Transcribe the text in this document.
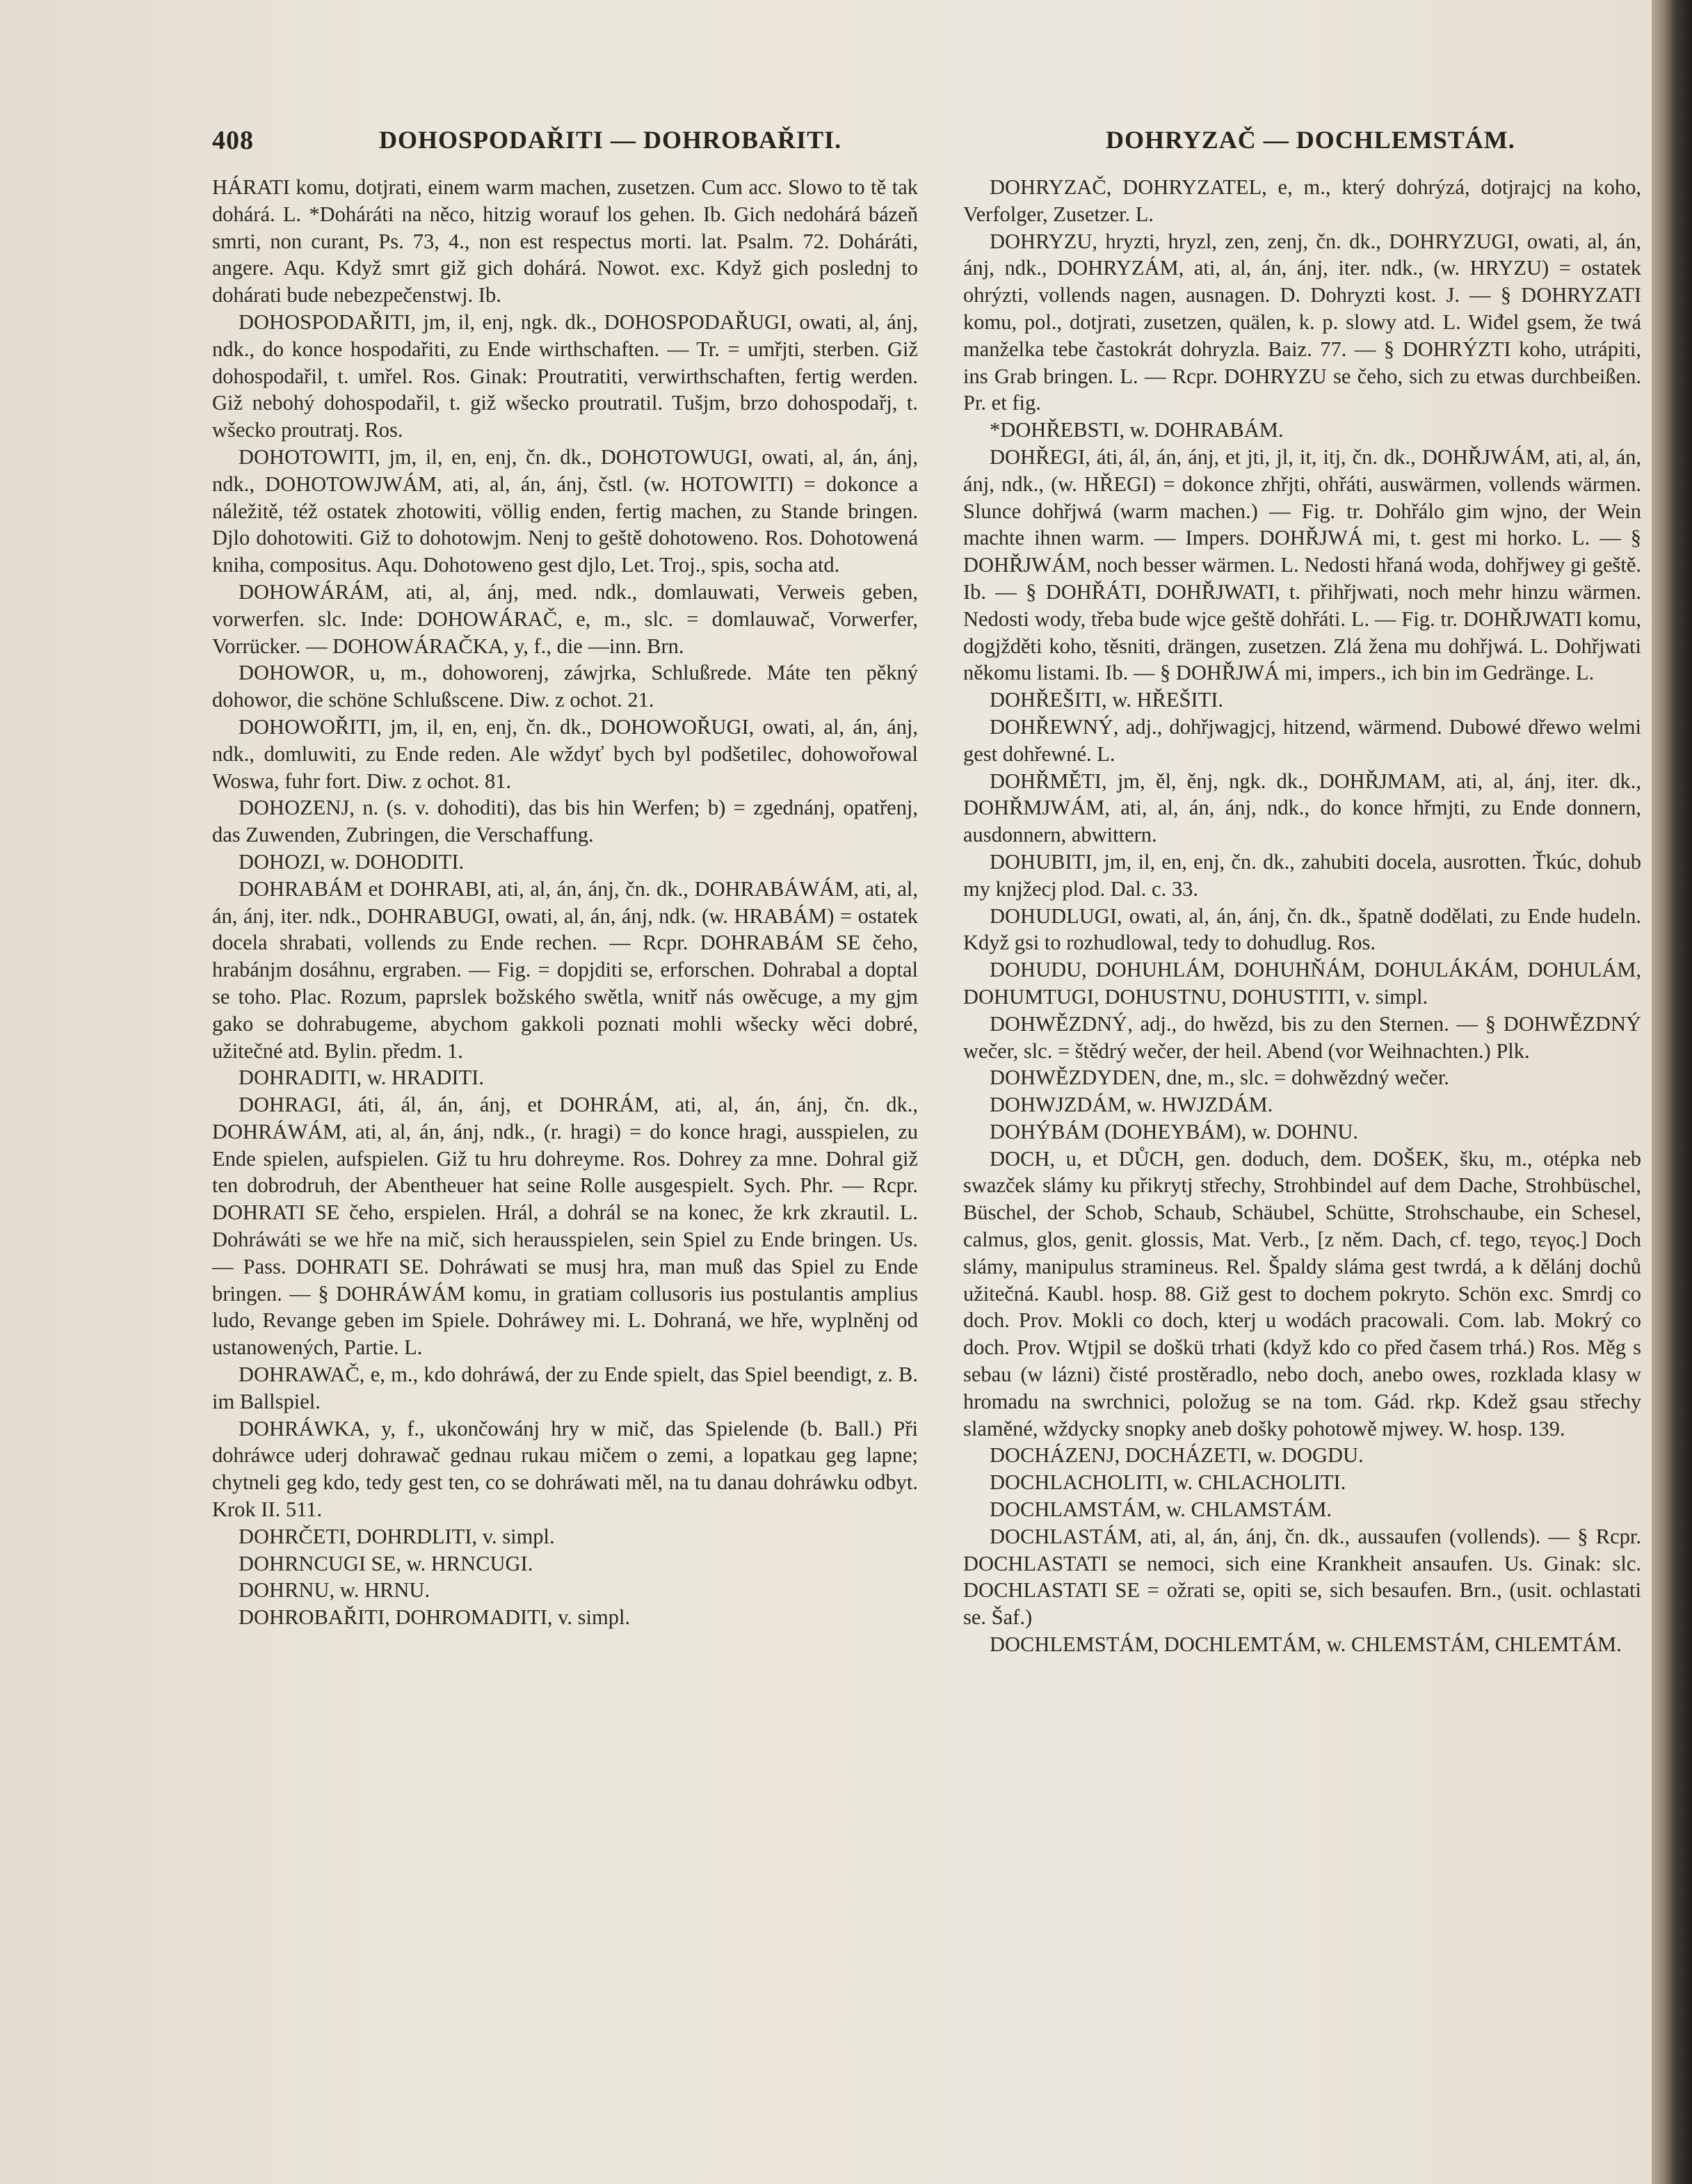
408	DOHOSPODAŘITI — DOHROBAŘITI.	DOHRYZAČ — DOCHLEMSTÁM.

HÁRATI komu, dotjrati, einem warm machen, zusetzen. Cum acc. Slowo to tě tak dohárá. L. *Doháráti na něco, hitzig worauf los gehen. Ib. Gich nedohárá bázeň smrti, non curant, Ps. 73, 4., non est respectus morti. lat. Psalm. 72. Doháráti, angere. Aqu. Když smrt giž gich dohárá. Nowot. exc. Když gich poslednj to dohárati bude nebezpečenstwj. Ib.

DOHOSPODAŘITI, jm, il, enj, ngk. dk., DOHOSPODAŘUGI, owati, al, ánj, ndk., do konce hospodařiti, zu Ende wirthschaften. — Tr. = umřjti, sterben. Giž dohospodařil, t. umřel. Ros. Ginak: Proutratiti, verwirthschaften, fertig werden. Giž nebohý dohospodařil, t. giž wšecko proutratil. Tušjm, brzo dohospodařj, t. wšecko proutratj. Ros.

DOHOTOWITI, jm, il, en, enj, čn. dk., DOHOTOWUGI, owati, al, án, ánj, ndk., DOHOTOWJWÁM, ati, al, án, ánj, čstl. (w. HOTOWITI) = dokonce a náležitě, též ostatek zhotowiti, völlig enden, fertig machen, zu Stande bringen. Djlo dohotowiti. Giž to dohotowjm. Nenj to geště dohotoweno. Ros. Dohotowená kniha, compositus. Aqu. Dohotoweno gest djlo, Let. Troj., spis, socha atd.

DOHOWÁRÁM, ati, al, ánj, med. ndk., domlauwati, Verweis geben, vorwerfen. slc. Inde: DOHOWÁRAČ, e, m., slc. = domlauwač, Vorwerfer, Vorrücker. — DOHOWÁRAČKA, y, f., die —inn. Brn.

DOHOWOR, u, m., dohoworenj, záwjrka, Schlußrede. Máte ten pěkný dohowor, die schöne Schlußscene. Diw. z ochot. 21.

DOHOWOŘITI, jm, il, en, enj, čn. dk., DOHOWOŘUGI, owati, al, án, ánj, ndk., domluwiti, zu Ende reden. Ale wždyť bych byl podšetilec, dohowořowal Woswa, fuhr fort. Diw. z ochot. 81.

DOHOZENJ, n. (s. v. dohoditi), das bis hin Werfen; b) = zgednánj, opatřenj, das Zuwenden, Zubringen, die Verschaffung.

DOHOZI, w. DOHODITI.

DOHRABÁM et DOHRABI, ati, al, án, ánj, čn. dk., DOHRABÁWÁM, ati, al, án, ánj, iter. ndk., DOHRABUGI, owati, al, án, ánj, ndk. (w. HRABÁM) = ostatek docela shrabati, vollends zu Ende rechen. — Rcpr. DOHRABÁM SE čeho, hrabánjm dosáhnu, ergraben. — Fig. = dopjditi se, erforschen. Dohrabal a doptal se toho. Plac. Rozum, paprslek božského swětla, wnitř nás owěcuge, a my gjm gako se dohrabugeme, abychom gakkoli poznati mohli wšecky wěci dobré, užitečné atd. Bylin. předm. 1.

DOHRADITI, w. HRADITI.

DOHRAGI, áti, ál, án, ánj, et DOHRÁM, ati, al, án, ánj, čn. dk., DOHRÁWÁM, ati, al, án, ánj, ndk., (r. hragi) = do konce hragi, ausspielen, zu Ende spielen, aufspielen. Giž tu hru dohreyme. Ros. Dohrey za mne. Dohral giž ten dobrodruh, der Abentheuer hat seine Rolle ausgespielt. Sych. Phr. — Rcpr. DOHRATI SE čeho, erspielen. Hrál, a dohrál se na konec, že krk zkrautil. L. Dohráwáti se we hře na mič, sich herausspielen, sein Spiel zu Ende bringen. Us. — Pass. DOHRATI SE. Dohráwati se musj hra, man muß das Spiel zu Ende bringen. — § DOHRÁWÁM komu, in gratiam collusoris ius postulantis amplius ludo, Revange geben im Spiele. Dohráwey mi. L. Dohraná, we hře, wyplněnj od ustanowených, Partie. L.

DOHRAWAČ, e, m., kdo dohráwá, der zu Ende spielt, das Spiel beendigt, z. B. im Ballspiel.

DOHRÁWKA, y, f., ukončowánj hry w mič, das Spielende (b. Ball.) Při dohráwce uderj dohrawač gednau rukau mičem o zemi, a lopatkau geg lapne; chytneli geg kdo, tedy gest ten, co se dohráwati měl, na tu danau dohráwku odbyt. Krok II. 511.

DOHRČETI, DOHRDLITI, v. simpl.

DOHRNCUGI SE, w. HRNCUGI.

DOHRNU, w. HRNU.

DOHROBAŘITI, DOHROMADITI, v. simpl.

DOHRYZAČ, DOHRYZATEL, e, m., který dohrýzá, dotjrajcj na koho, Verfolger, Zusetzer. L.

DOHRYZU, hryzti, hryzl, zen, zenj, čn. dk., DOHRYZUGI, owati, al, án, ánj, ndk., DOHRYZÁM, ati, al, án, ánj, iter. ndk., (w. HRYZU) = ostatek ohrýzti, vollends nagen, ausnagen. D. Dohryzti kost. J. — § DOHRYZATI komu, pol., dotjrati, zusetzen, quälen, k. p. slowy atd. L. Wiđel gsem, že twá manželka tebe častokrát dohryzla. Baiz. 77. — § DOHRÝZTI koho, utrápiti, ins Grab bringen. L. — Rcpr. DOHRYZU se čeho, sich zu etwas durchbeißen. Pr. et fig.

*DOHŘEBSTI, w. DOHRABÁM.

DOHŘEGI, áti, ál, án, ánj, et jti, jl, it, itj, čn. dk., DOHŘJWÁM, ati, al, án, ánj, ndk., (w. HŘEGI) = dokonce zhřjti, ohřáti, auswärmen, vollends wärmen. Slunce dohřjwá (warm machen.) — Fig. tr. Dohřálo gim wjno, der Wein machte ihnen warm. — Impers. DOHŘJWÁ mi, t. gest mi horko. L. — § DOHŘJWÁM, noch besser wärmen. L. Nedosti hřaná woda, dohřjwey gi geště. Ib. — § DOHŘÁTI, DOHŘJWATI, t. přihřjwati, noch mehr hinzu wärmen. Nedosti wody, třeba bude wjce geště dohřáti. L. — Fig. tr. DOHŘJWATI komu, dogjžděti koho, těsniti, drängen, zusetzen. Zlá žena mu dohřjwá. L. Dohřjwati někomu listami. Ib. — § DOHŘJWÁ mi, impers., ich bin im Gedränge. L.

DOHŘEŠITI, w. HŘEŠITI.

DOHŘEWNÝ, adj., dohřjwagjcj, hitzend, wärmend. Dubowé dřewo welmi gest dohřewné. L.

DOHŘMĚTI, jm, ěl, ěnj, ngk. dk., DOHŘJMAM, ati, al, ánj, iter. dk., DOHŘMJWÁM, ati, al, án, ánj, ndk., do konce hřmjti, zu Ende donnern, ausdonnern, abwittern.

DOHUBITI, jm, il, en, enj, čn. dk., zahubiti docela, ausrotten. Ťkúc, dohub my knjžecj plod. Dal. c. 33.

DOHUDLUGI, owati, al, án, ánj, čn. dk., špatně dodělati, zu Ende hudeln. Když gsi to rozhudlowal, tedy to dohudlug. Ros.

DOHUDU, DOHUHLÁM, DOHUHŇÁM, DOHULÁKÁM, DOHULÁM, DOHUMTUGI, DOHUSTNU, DOHUSTITI, v. simpl.

DOHWĚZDNÝ, adj., do hwězd, bis zu den Sternen. — § DOHWĚZDNÝ wečer, slc. = štědrý wečer, der heil. Abend (vor Weihnachten.) Plk.

DOHWĚZDYDEN, dne, m., slc. = dohwězdný wečer.

DOHWJZDÁM, w. HWJZDÁM.

DOHÝBÁM (DOHEYBÁM), w. DOHNU.

DOCH, u, et DŮCH, gen. doduch, dem. DOŠEK, šku, m., otépka neb swazček slámy ku přikrytj střechy, Strohbindel auf dem Dache, Strohbüschel, Büschel, der Schob, Schaub, Schäubel, Schütte, Strohschaube, ein Schesel, calmus, glos, genit. glossis, Mat. Verb., [z něm. Dach, cf. tego, τεγος.] Doch slámy, manipulus stramineus. Rel. Špaldy sláma gest twrdá, a k dělánj dochů užitečná. Kaubl. hosp. 88. Giž gest to dochem pokryto. Schön exc. Smrdj co doch. Prov. Mokli co doch, kterj u wodách pracowali. Com. lab. Mokrý co doch. Prov. Wtjpil se doškü trhati (když kdo co před časem trhá.) Ros. Měg s sebau (w lázni) čisté prostěradlo, nebo doch, anebo owes, rozklada klasy w hromadu na swrchnici, položug se na tom. Gád. rkp. Kdež gsau střechy slaměné, wždycky snopky aneb došky pohotowě mjwey. W. hosp. 139.

DOCHÁZENJ, DOCHÁZETI, w. DOGDU.

DOCHLACHOLITI, w. CHLACHOLITI.

DOCHLAMSTÁM, w. CHLAMSTÁM.

DOCHLASTÁM, ati, al, án, ánj, čn. dk., aussaufen (vollends). — § Rcpr. DOCHLASTATI se nemoci, sich eine Krankheit ansaufen. Us. Ginak: slc. DOCHLASTATI SE = ožrati se, opiti se, sich besaufen. Brn., (usit. ochlastati se. Šaf.)

DOCHLEMSTÁM, DOCHLEMTÁM, w. CHLEMSTÁM, CHLEMTÁM.
